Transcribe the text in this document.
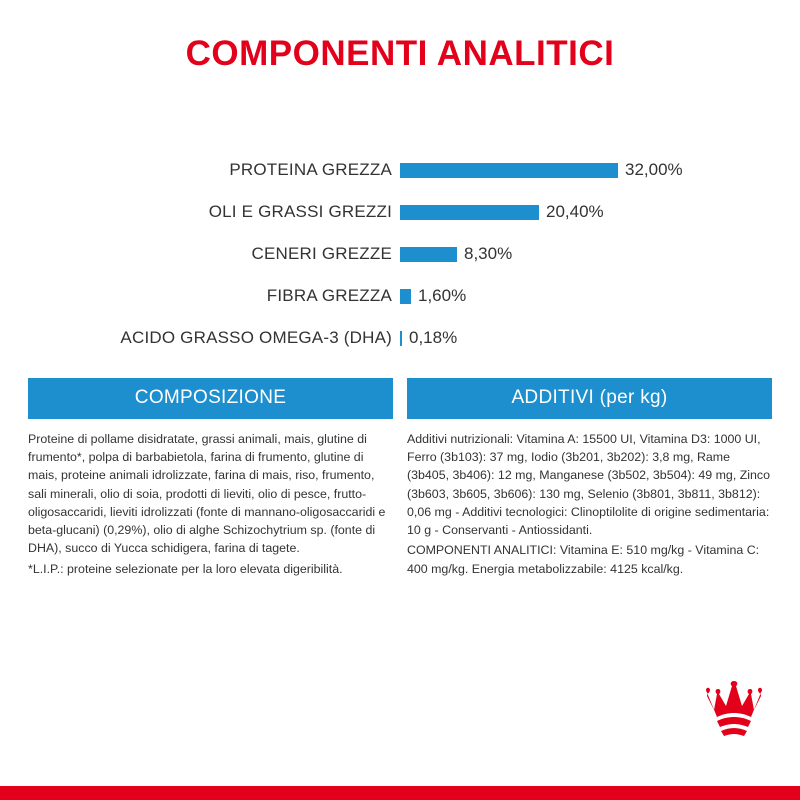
COMPONENTI ANALITICI
PROTEINA GREZZA	32,00%
OLI E GRASSI GREZZI	20,40%
CENERI GREZZE	8,30%
FIBRA GREZZA	1,60%
ACIDO GRASSO OMEGA-3 (DHA)	0,18%
COMPOSIZIONE

Proteine di pollame disidratate, grassi animali, mais, glutine di frumento*, polpa di barbabietola, farina di frumento, glutine di mais, proteine animali idrolizzate, farina di mais, riso, frumento, sali minerali, olio di soia, prodotti di lieviti, olio di pesce, frutto-oligosaccaridi, lieviti idrolizzati (fonte di mannano-oligosaccaridi e beta-glucani) (0,29%), olio di alghe Schizochytrium sp. (fonte di DHA), succo di Yucca schidigera, farina di tagete.

*L.I.P.: proteine selezionate per la loro elevata digeribilità.

ADDITIVI (per kg)

Additivi nutrizionali: Vitamina A: 15500 UI, Vitamina D3: 1000 UI, Ferro (3b103): 37 mg, Iodio (3b201, 3b202): 3,8 mg, Rame (3b405, 3b406): 12 mg, Manganese (3b502, 3b504): 49 mg, Zinco (3b603, 3b605, 3b606): 130 mg, Selenio (3b801, 3b811, 3b812): 0,06 mg - Additivi tecnologici: Clinoptilolite di origine sedimentaria: 10 g - Conservanti - Antiossidanti.

COMPONENTI ANALITICI: Vitamina E: 510 mg/kg - Vitamina C: 400 mg/kg. Energia metabolizzabile: 4125 kcal/kg.
